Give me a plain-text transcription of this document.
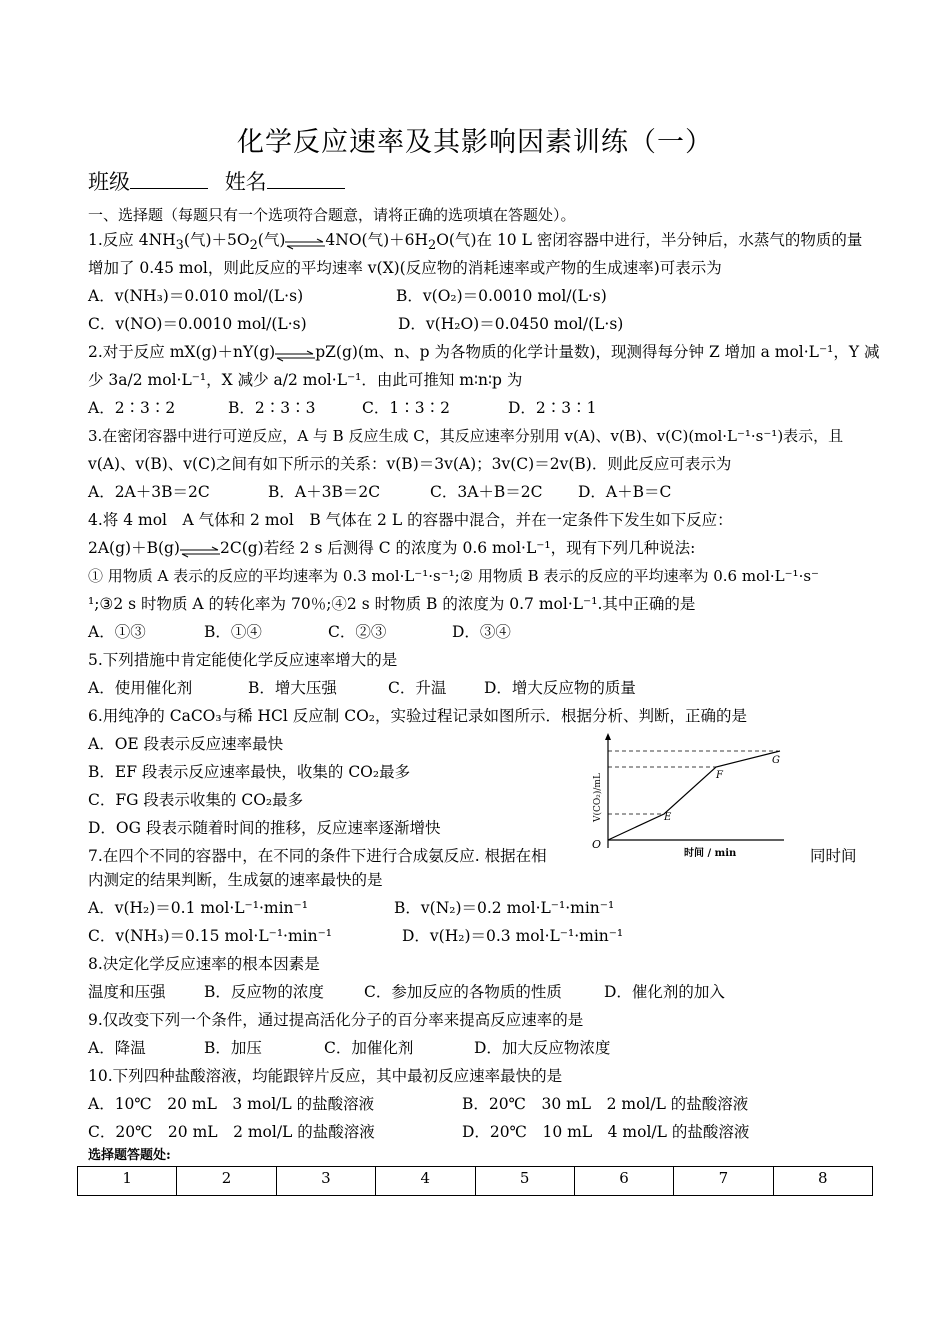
化学反应速率及其影响因素训练（一）
班级	姓名
一、选择题（每题只有一个选项符合题意，请将正确的选项填在答题处）。
1.反应 $4NH_3$(气)$+5O_2$(气)⇌4NO(气)$+6H_2O$(气)在 10 L 密闭容器中进行，半分钟后，水蒸气的物质的量
增加了 0.45 mol，则此反应的平均速率 v(X)(反应物的消耗速率或产物的生成速率)可表示为
A．v(NH₃)＝0.010 mol/(L·s)	B．v(O₂)＝0.0010 mol/(L·s)
C．v(NO)＝0.0010 mol/(L·s)	D．v(H₂O)＝0.0450 mol/(L·s)
2.对于反应 mX(g)＋nY(g)⇌pZ(g)(m、n、p 为各物质的化学计量数)，现测得每分钟 Z 增加 a mol·L⁻¹，Y 减
少 3a/2 mol·L⁻¹，X 减少 a/2 mol·L⁻¹．由此可推知 m∶n∶p 为
A．2∶3∶2	B．2∶3∶3	C．1∶3∶2	D．2∶3∶1
3.在密闭容器中进行可逆反应，A 与 B 反应生成 C，其反应速率分别用 v(A)、v(B)、v(C)(mol·L⁻¹·s⁻¹)表示，且
v(A)、v(B)、v(C)之间有如下所示的关系：v(B)＝3v(A)；3v(C)＝2v(B)．则此反应可表示为
A．2A＋3B＝2C	B．A＋3B＝2C	C．3A＋B＝2C D．A＋B＝C
4.将 4 mol　A 气体和 2 mol　B 气体在 2 L 的容器中混合，并在一定条件下发生如下反应：
2A(g)＋B(g)⇌2C(g)若经 2 s 后测得 C 的浓度为 0.6 mol·L⁻¹，现有下列几种说法:
① 用物质 A 表示的反应的平均速率为 0.3 mol·L⁻¹·s⁻¹;② 用物质 B 表示的反应的平均速率为 0.6 mol·L⁻¹·s⁻
¹;③2 s 时物质 A 的转化率为 70％;④2 s 时物质 B 的浓度为 0.7 mol·L⁻¹.其中正确的是
A．①③	B．①④	C．②③	D．③④
5.下列措施中肯定能使化学反应速率增大的是
A．使用催化剂	B．增大压强	C．升温 D．增大反应物的质量
6.用纯净的 CaCO₃与稀 HCl 反应制 CO₂，实验过程记录如图所示．根据分析、判断，正确的是
A．OE 段表示反应速率最快
B．EF 段表示反应速率最快，收集的 CO₂最多
C．FG 段表示收集的 CO₂最多
D．OG 段表示随着时间的推移，反应速率逐渐增快
O
E
F
G
时间 / min
V(CO₂)/mL
7.在四个不同的容器中，在不同的条件下进行合成氨反应. 根据在相	同时间
内测定的结果判断，生成氨的速率最快的是
A．v(H₂)＝0.1 mol·L⁻¹·min⁻¹	B．v(N₂)＝0.2 mol·L⁻¹·min⁻¹
C．v(NH₃)＝0.15 mol·L⁻¹·min⁻¹	D．v(H₂)＝0.3 mol·L⁻¹·min⁻¹
8.决定化学反应速率的根本因素是
温度和压强 B．反应物的浓度	C．参加反应的各物质的性质	D．催化剂的加入
9.仅改变下列一个条件，通过提高活化分子的百分率来提高反应速率的是
A．降温	B．加压	C．加催化剂	D．加大反应物浓度
10.下列四种盐酸溶液，均能跟锌片反应，其中最初反应速率最快的是
A．10℃　20 mL　3 mol/L 的盐酸溶液	B．20℃　30 mL　2 mol/L 的盐酸溶液
C．20℃　20 mL　2 mol/L 的盐酸溶液	D．20℃　10 mL　4 mol/L 的盐酸溶液
选择题答题处:
1	2	3	4	5	6	7	8
